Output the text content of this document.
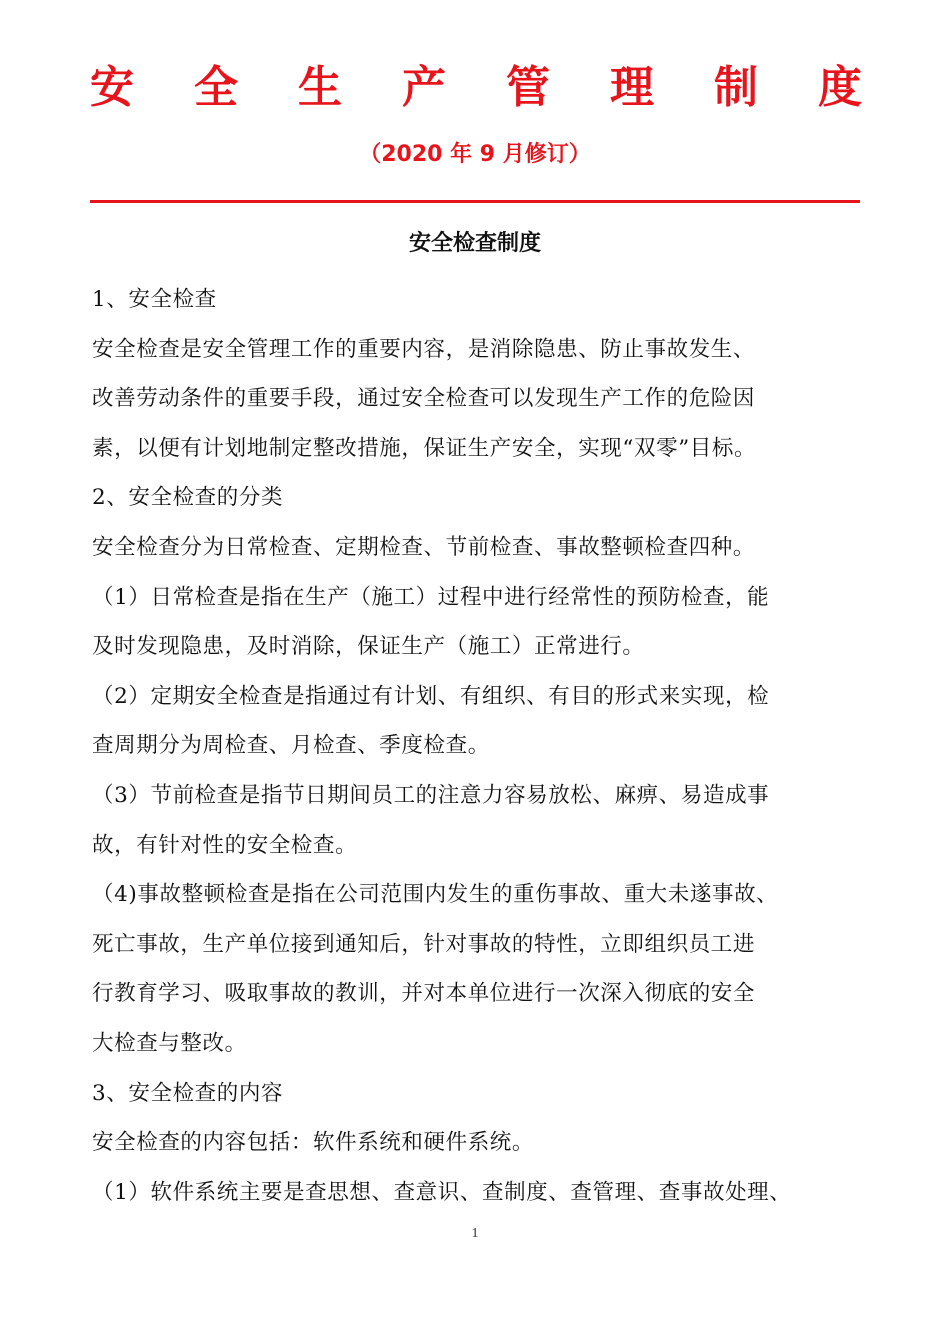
安 全 生 产 管 理 制 度
（2020 年 9 月修订）
安全检查制度
1、安全检查
安全检查是安全管理工作的重要内容，是消除隐患、防止事故发生、
改善劳动条件的重要手段，通过安全检查可以发现生产工作的危险因
素，以便有计划地制定整改措施，保证生产安全，实现“双零”目标。
2、安全检查的分类
安全检查分为日常检查、定期检查、节前检查、事故整顿检查四种。
（1）日常检查是指在生产（施工）过程中进行经常性的预防检查，能
及时发现隐患，及时消除，保证生产（施工）正常进行。
（2）定期安全检查是指通过有计划、有组织、有目的形式来实现，检
查周期分为周检查、月检查、季度检查。
（3）节前检查是指节日期间员工的注意力容易放松、麻痹、易造成事
故，有针对性的安全检查。
（4)事故整顿检查是指在公司范围内发生的重伤事故、重大未遂事故、
死亡事故，生产单位接到通知后，针对事故的特性，立即组织员工进
行教育学习、吸取事故的教训，并对本单位进行一次深入彻底的安全
大检查与整改。
3、安全检查的内容
安全检查的内容包括：软件系统和硬件系统。
（1）软件系统主要是查思想、查意识、查制度、查管理、查事故处理、
1
